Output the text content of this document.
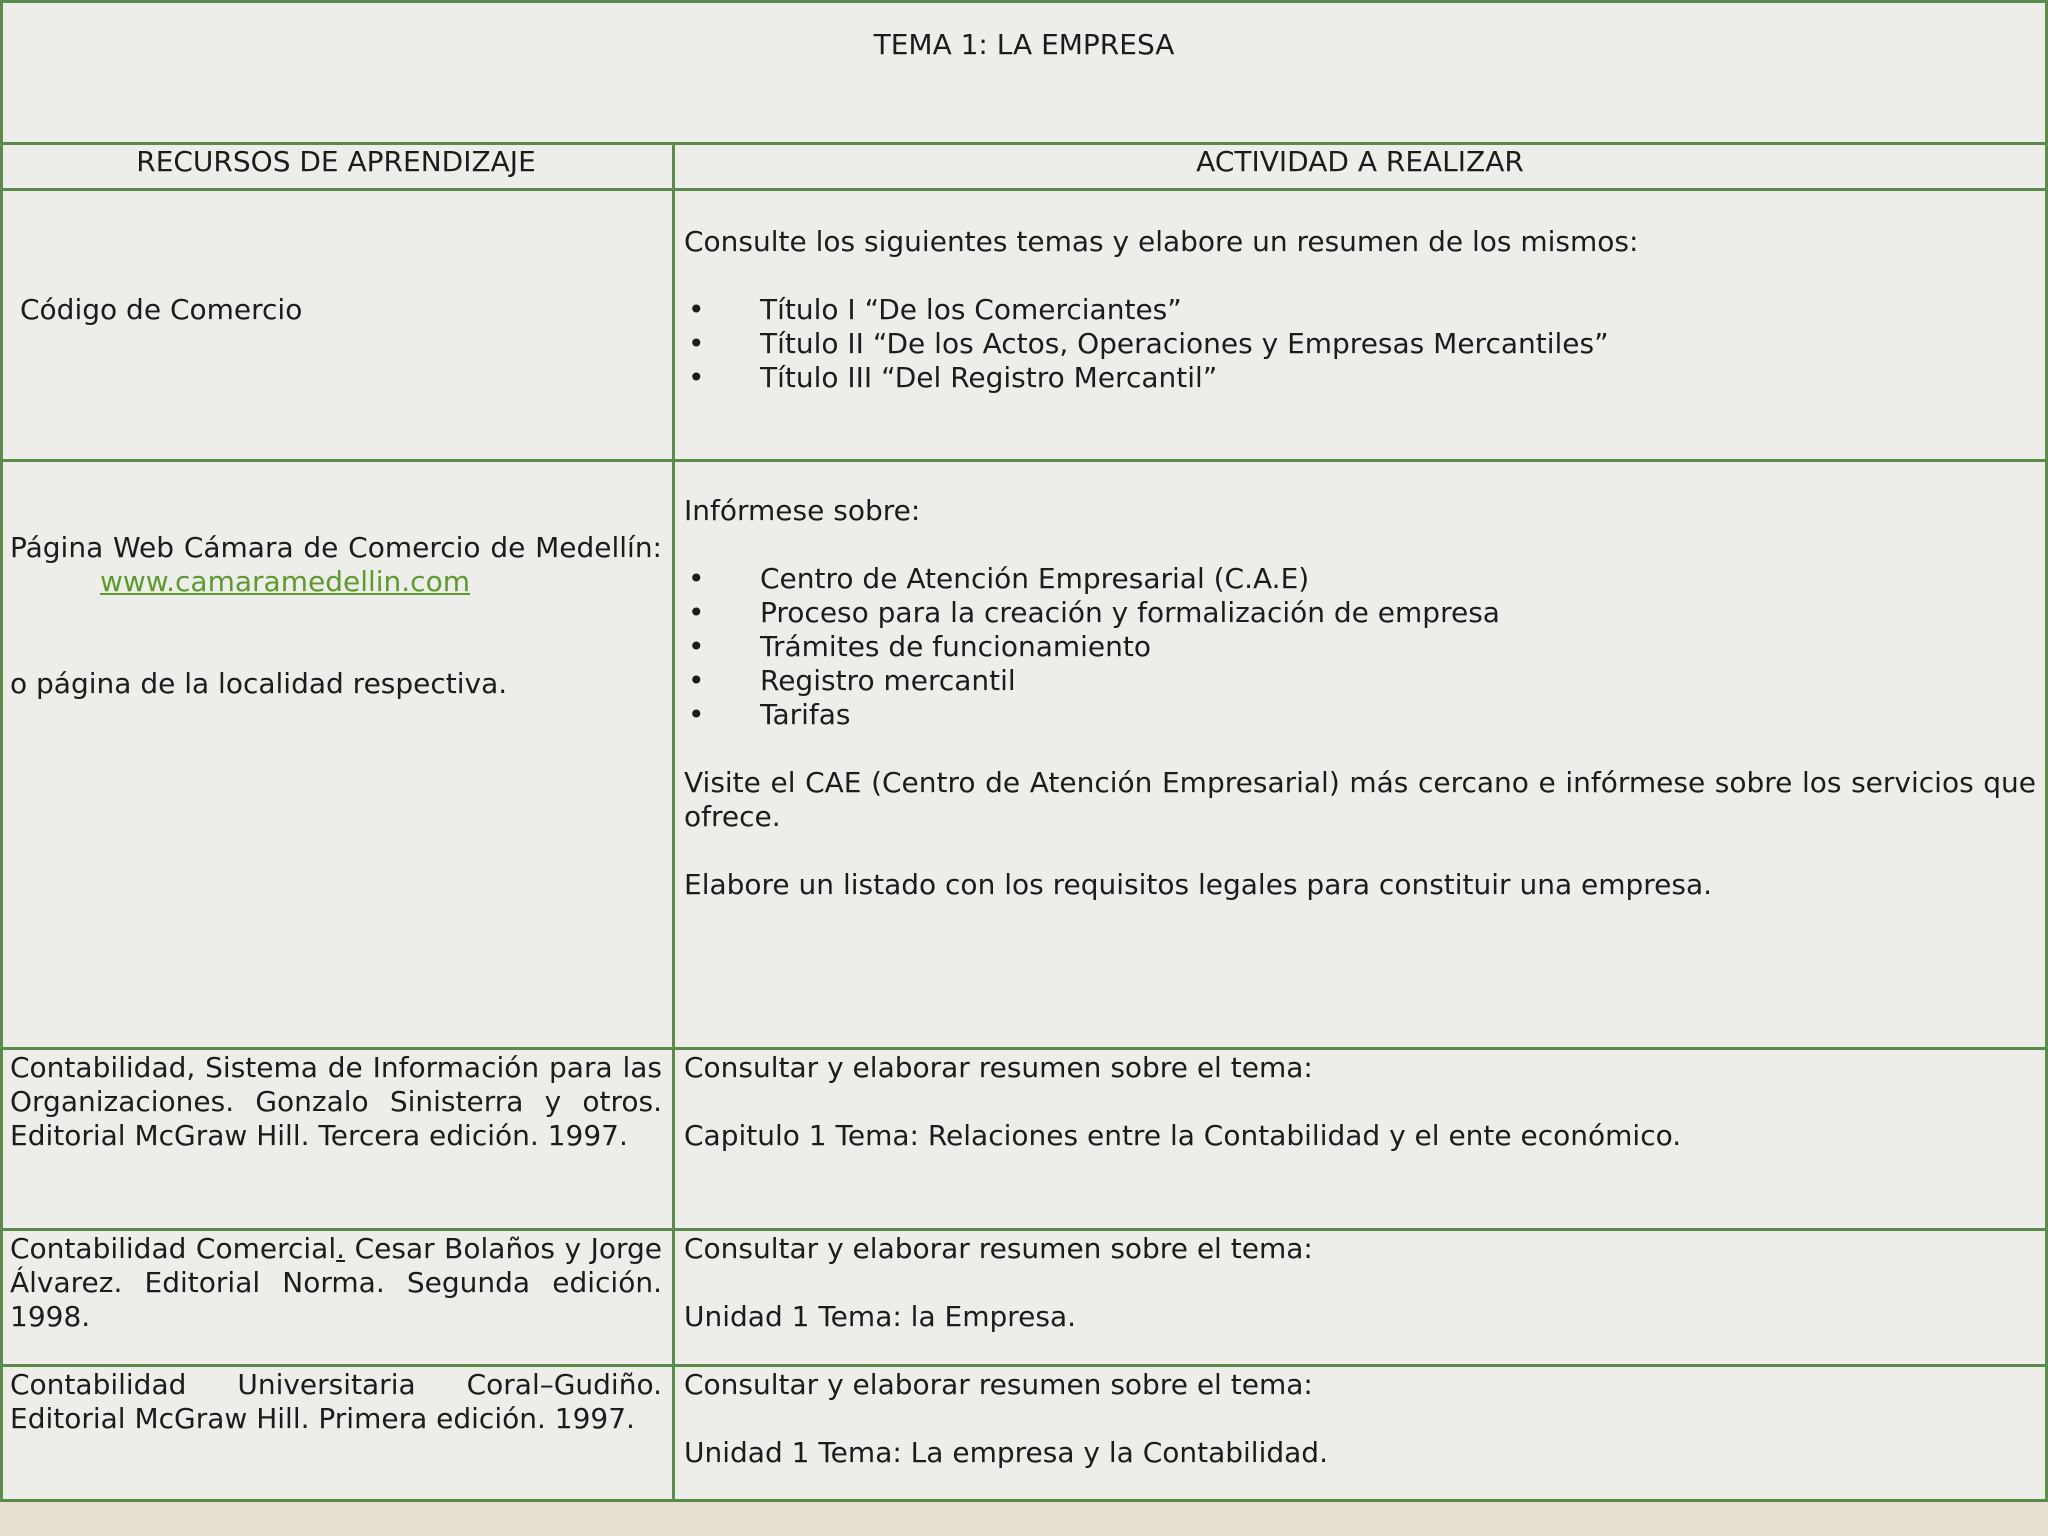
TEMA 1: LA EMPRESA
RECURSOS DE APRENDIZAJE	ACTIVIDAD A REALIZAR
Código de Comercio

Consulte los siguientes temas y elabore un resumen de los mismos:

• Título I “De los Comerciantes”
• Título II “De los Actos, Operaciones y Empresas Mercantiles”
• Título III “Del Registro Mercantil”

Página Web Cámara de Comercio de Medellín:www.camaramedellin.com

o página de la localidad respectiva.

Infórmese sobre:

• Centro de Atención Empresarial (C.A.E)
• Proceso para la creación y formalización de empresa
• Trámites de funcionamiento
• Registro mercantil
• Tarifas

Visite el CAE (Centro de Atención Empresarial) más cercano e infórmese sobre los servicios que ofrece.

Elabore un listado con los requisitos legales para constituir una empresa.

Contabilidad, Sistema de Información para las Organizaciones. Gonzalo Sinisterra y otros. Editorial McGraw Hill. Tercera edición. 1997.

Consultar y elaborar resumen sobre el tema:

Capitulo 1 Tema: Relaciones entre la Contabilidad y el ente económico.

Contabilidad Comercial. Cesar Bolaños y Jorge Álvarez. Editorial Norma. Segunda edición. 1998.

Consultar y elaborar resumen sobre el tema:

Unidad 1 Tema: la Empresa.

Contabilidad Universitaria Coral–Gudiño. Editorial McGraw Hill. Primera edición. 1997.

Consultar y elaborar resumen sobre el tema:

Unidad 1 Tema: La empresa y la Contabilidad.
